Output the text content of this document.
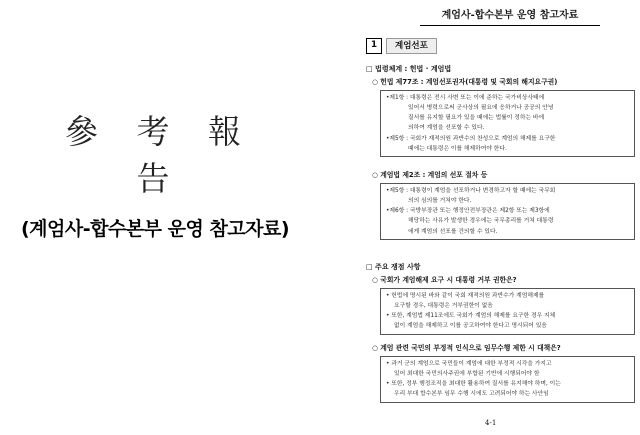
參 考 報 告
(계엄사-합수본부 운영 참고자료)
계엄사-합수본부 운영 참고자료
1	계엄선포
□ 법령체계 : 헌법 · 계엄법
○ 헌법 제77조 : 계엄선포권자(대통령 및 국회의 해지요구권)

•제1항 : 대통령은 전시 사변 또는 이에 준하는 국가비상사태에

있어서 병력으로써 군사상의 필요에 응하거나 공공의 안녕

질서를 유지할 필요가 있을 때에는 법률이 정하는 바에

의하여 계엄을 선포할 수 있다.

•제5항 : 국회가 재적의원 과반수의 찬성으로 계엄의 해제를 요구한

때에는 대통령은 이를 해제하여야 한다.

○ 계엄법 제2조 : 계엄의 선포 절차 등

•제5항 : 대통령이 계엄을 선포하거나 변경하고자 할 때에는 국무회

의의 심의를 거쳐야 한다.

•제6항 : 국방부장관 또는 행정안전부장관은 제2항 또는 제3항에

해당하는 사유가 발생한 경우에는 국무총리를 거쳐 대통령

에게 계엄의 선포를 건의할 수 있다.

□ 주요 쟁점 사항
○ 국회가 계엄해제 요구 시 대통령 거부 권한은?

• 헌법에 명시된 바와 같이 국회 재적의원 과반수가 계엄해제를

요구할 경우, 대통령은 거부권한이 없음

• 또한, 계엄법 제11조에도 국회가 계엄의 해제를 요구한 경우 지체

없이 계엄을 해제하고 이를 공고하여야 한다고 명시되어 있음

○ 계엄 관련 국민의 부정적 인식으로 임무수행 제한 시 대책은?

• 과거 군의 계엄으로 국민들이 계엄에 대한 부정적 시각을 가지고

있어 최대한 국민의사주권에 부합된 기반에 시행되어야 함

• 또한, 정부 행정조직을 최대한 활용하여 질서를 유지해야 하며, 이는

우리 부대 합수본부 임무 수행 시에도 고려되어야 하는 사안임

4-1
